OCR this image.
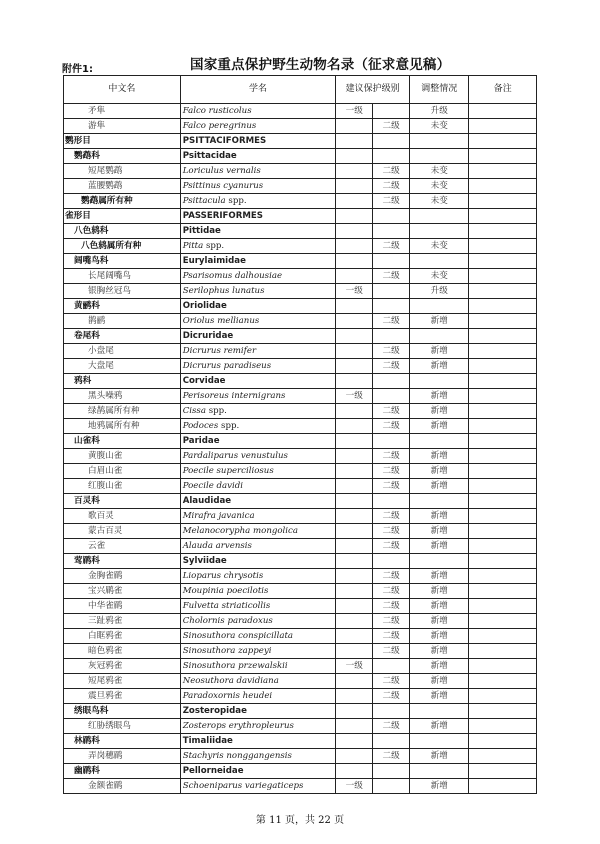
附件1:	国家重点保护野生动物名录（征求意见稿）
中文名	学名	建议保护级别		调整情况	备注
矛隼	Falco rusticolus	一级		升级	
游隼	Falco peregrinus		二级	未变	
鹦形目	PSITTACIFORMES				
鹦鹉科	Psittacidae				
短尾鹦鹉	Loriculus vernalis		二级	未变	
蓝腰鹦鹉	Psittinus cyanurus		二级	未变	
鹦鹉属所有种	Psittacula spp.		二级	未变	
雀形目	PASSERIFORMES				
八色鸫科	Pittidae				
八色鸫属所有种	Pitta spp.		二级	未变	
阔嘴鸟科	Eurylaimidae				
长尾阔嘴鸟	Psarisomus dalhousiae		二级	未变	
银胸丝冠鸟	Serilophus lunatus	一级		升级	
黄鹂科	Oriolidae				
鹊鹂	Oriolus mellianus		二级	新增	
卷尾科	Dicruridae				
小盘尾	Dicrurus remifer		二级	新增	
大盘尾	Dicrurus paradiseus		二级	新增	
鸦科	Corvidae				
黑头噪鸦	Perisoreus internigrans	一级		新增	
绿鹊属所有种	Cissa spp.		二级	新增	
地鸦属所有种	Podoces spp.		二级	新增	
山雀科	Paridae				
黄腹山雀	Pardaliparus venustulus		二级	新增	
白眉山雀	Poecile superciliosus		二级	新增	
红腹山雀	Poecile davidi		二级	新增	
百灵科	Alaudidae				
歌百灵	Mirafra javanica		二级	新增	
蒙古百灵	Melanocorypha mongolica		二级	新增	
云雀	Alauda arvensis		二级	新增	
莺鹛科	Sylviidae				
金胸雀鹛	Lioparus chrysotis		二级	新增	
宝兴鹛雀	Moupinia poecilotis		二级	新增	
中华雀鹛	Fulvetta striaticollis		二级	新增	
三趾鸦雀	Cholornis paradoxus		二级	新增	
白眶鸦雀	Sinosuthora conspicillata		二级	新增	
暗色鸦雀	Sinosuthora zappeyi		二级	新增	
灰冠鸦雀	Sinosuthora przewalskii	一级		新增	
短尾鸦雀	Neosuthora davidiana		二级	新增	
震旦鸦雀	Paradoxornis heudei		二级	新增	
绣眼鸟科	Zosteropidae				
红胁绣眼鸟	Zosterops erythropleurus		二级	新增	
林鹛科	Timaliidae				
弄岗穗鹛	Stachyris nonggangensis		二级	新增	
幽鹛科	Pellorneidae				
金额雀鹛	Schoeniparus variegaticeps	一级		新增	
第 11 页，共 22 页
